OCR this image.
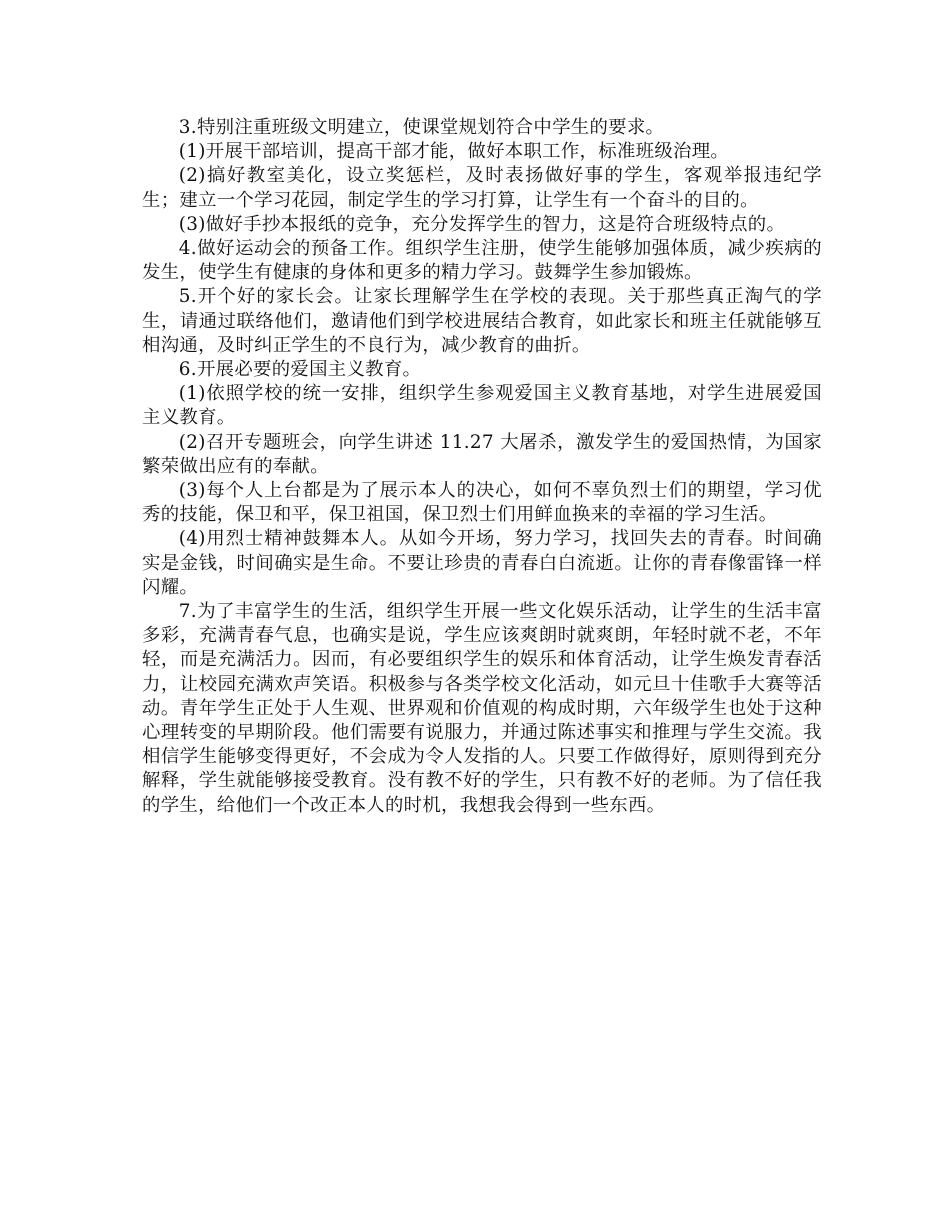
3.特别注重班级文明建立，使课堂规划符合中学生的要求。

(1)开展干部培训，提高干部才能，做好本职工作，标准班级治理。

(2)搞好教室美化，设立奖惩栏，及时表扬做好事的学生，客观举报违纪学生；建立一个学习花园，制定学生的学习打算，让学生有一个奋斗的目的。

(3)做好手抄本报纸的竞争，充分发挥学生的智力，这是符合班级特点的。

4.做好运动会的预备工作。组织学生注册，使学生能够加强体质，减少疾病的发生，使学生有健康的身体和更多的精力学习。鼓舞学生参加锻炼。

5.开个好的家长会。让家长理解学生在学校的表现。关于那些真正淘气的学生，请通过联络他们，邀请他们到学校进展结合教育，如此家长和班主任就能够互相沟通，及时纠正学生的不良行为，减少教育的曲折。

6.开展必要的爱国主义教育。

(1)依照学校的统一安排，组织学生参观爱国主义教育基地，对学生进展爱国主义教育。

(2)召开专题班会，向学生讲述 11.27 大屠杀，激发学生的爱国热情，为国家繁荣做出应有的奉献。

(3)每个人上台都是为了展示本人的决心，如何不辜负烈士们的期望，学习优秀的技能，保卫和平，保卫祖国，保卫烈士们用鲜血换来的幸福的学习生活。

(4)用烈士精神鼓舞本人。从如今开场，努力学习，找回失去的青春。时间确实是金钱，时间确实是生命。不要让珍贵的青春白白流逝。让你的青春像雷锋一样闪耀。

7.为了丰富学生的生活，组织学生开展一些文化娱乐活动，让学生的生活丰富多彩，充满青春气息，也确实是说，学生应该爽朗时就爽朗，年轻时就不老，不年轻，而是充满活力。因而，有必要组织学生的娱乐和体育活动，让学生焕发青春活力，让校园充满欢声笑语。积极参与各类学校文化活动，如元旦十佳歌手大赛等活动。青年学生正处于人生观、世界观和价值观的构成时期，六年级学生也处于这种心理转变的早期阶段。他们需要有说服力，并通过陈述事实和推理与学生交流。我相信学生能够变得更好，不会成为令人发指的人。只要工作做得好，原则得到充分解释，学生就能够接受教育。没有教不好的学生，只有教不好的老师。为了信任我的学生，给他们一个改正本人的时机，我想我会得到一些东西。
